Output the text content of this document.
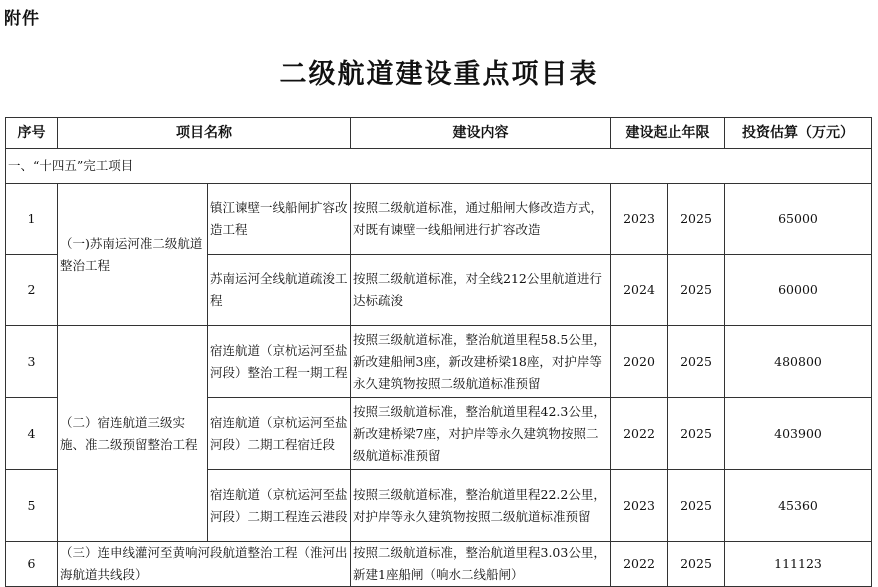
附件
二级航道建设重点项目表
序号	项目名称		建设内容	建设起止年限		投资估算（万元）
一、“十四五”完工项目						
1	（一)苏南运河准二级航道整治工程	镇江谏壁一线船闸扩容改造工程	按照二级航道标准，通过船闸大修改造方式，对既有谏壁一线船闸进行扩容改造	2023	2025	65000
2		苏南运河全线航道疏浚工程	按照二级航道标准，对全线212公里航道进行达标疏浚	2024	2025	60000
3	（二）宿连航道三级实施、准二级预留整治工程	宿连航道（京杭运河至盐河段）整治工程一期工程	按照三级航道标准，整治航道里程58.5公里，新改建船闸3座，新改建桥梁18座，对护岸等永久建筑物按照二级航道标准预留	2020	2025	480800
4		宿连航道（京杭运河至盐河段）二期工程宿迁段	按照三级航道标准，整治航道里程42.3公里，新改建桥梁7座，对护岸等永久建筑物按照二级航道标准预留	2022	2025	403900
5		宿连航道（京杭运河至盐河段）二期工程连云港段	按照三级航道标准，整治航道里程22.2公里，对护岸等永久建筑物按照二级航道标准预留	2023	2025	45360
6	（三）连申线灌河至黄响河段航道整治工程（淮河出海航道共线段）		按照二级航道标准，整治航道里程3.03公里，新建1座船闸（响水二线船闸）	2022	2025	111123
